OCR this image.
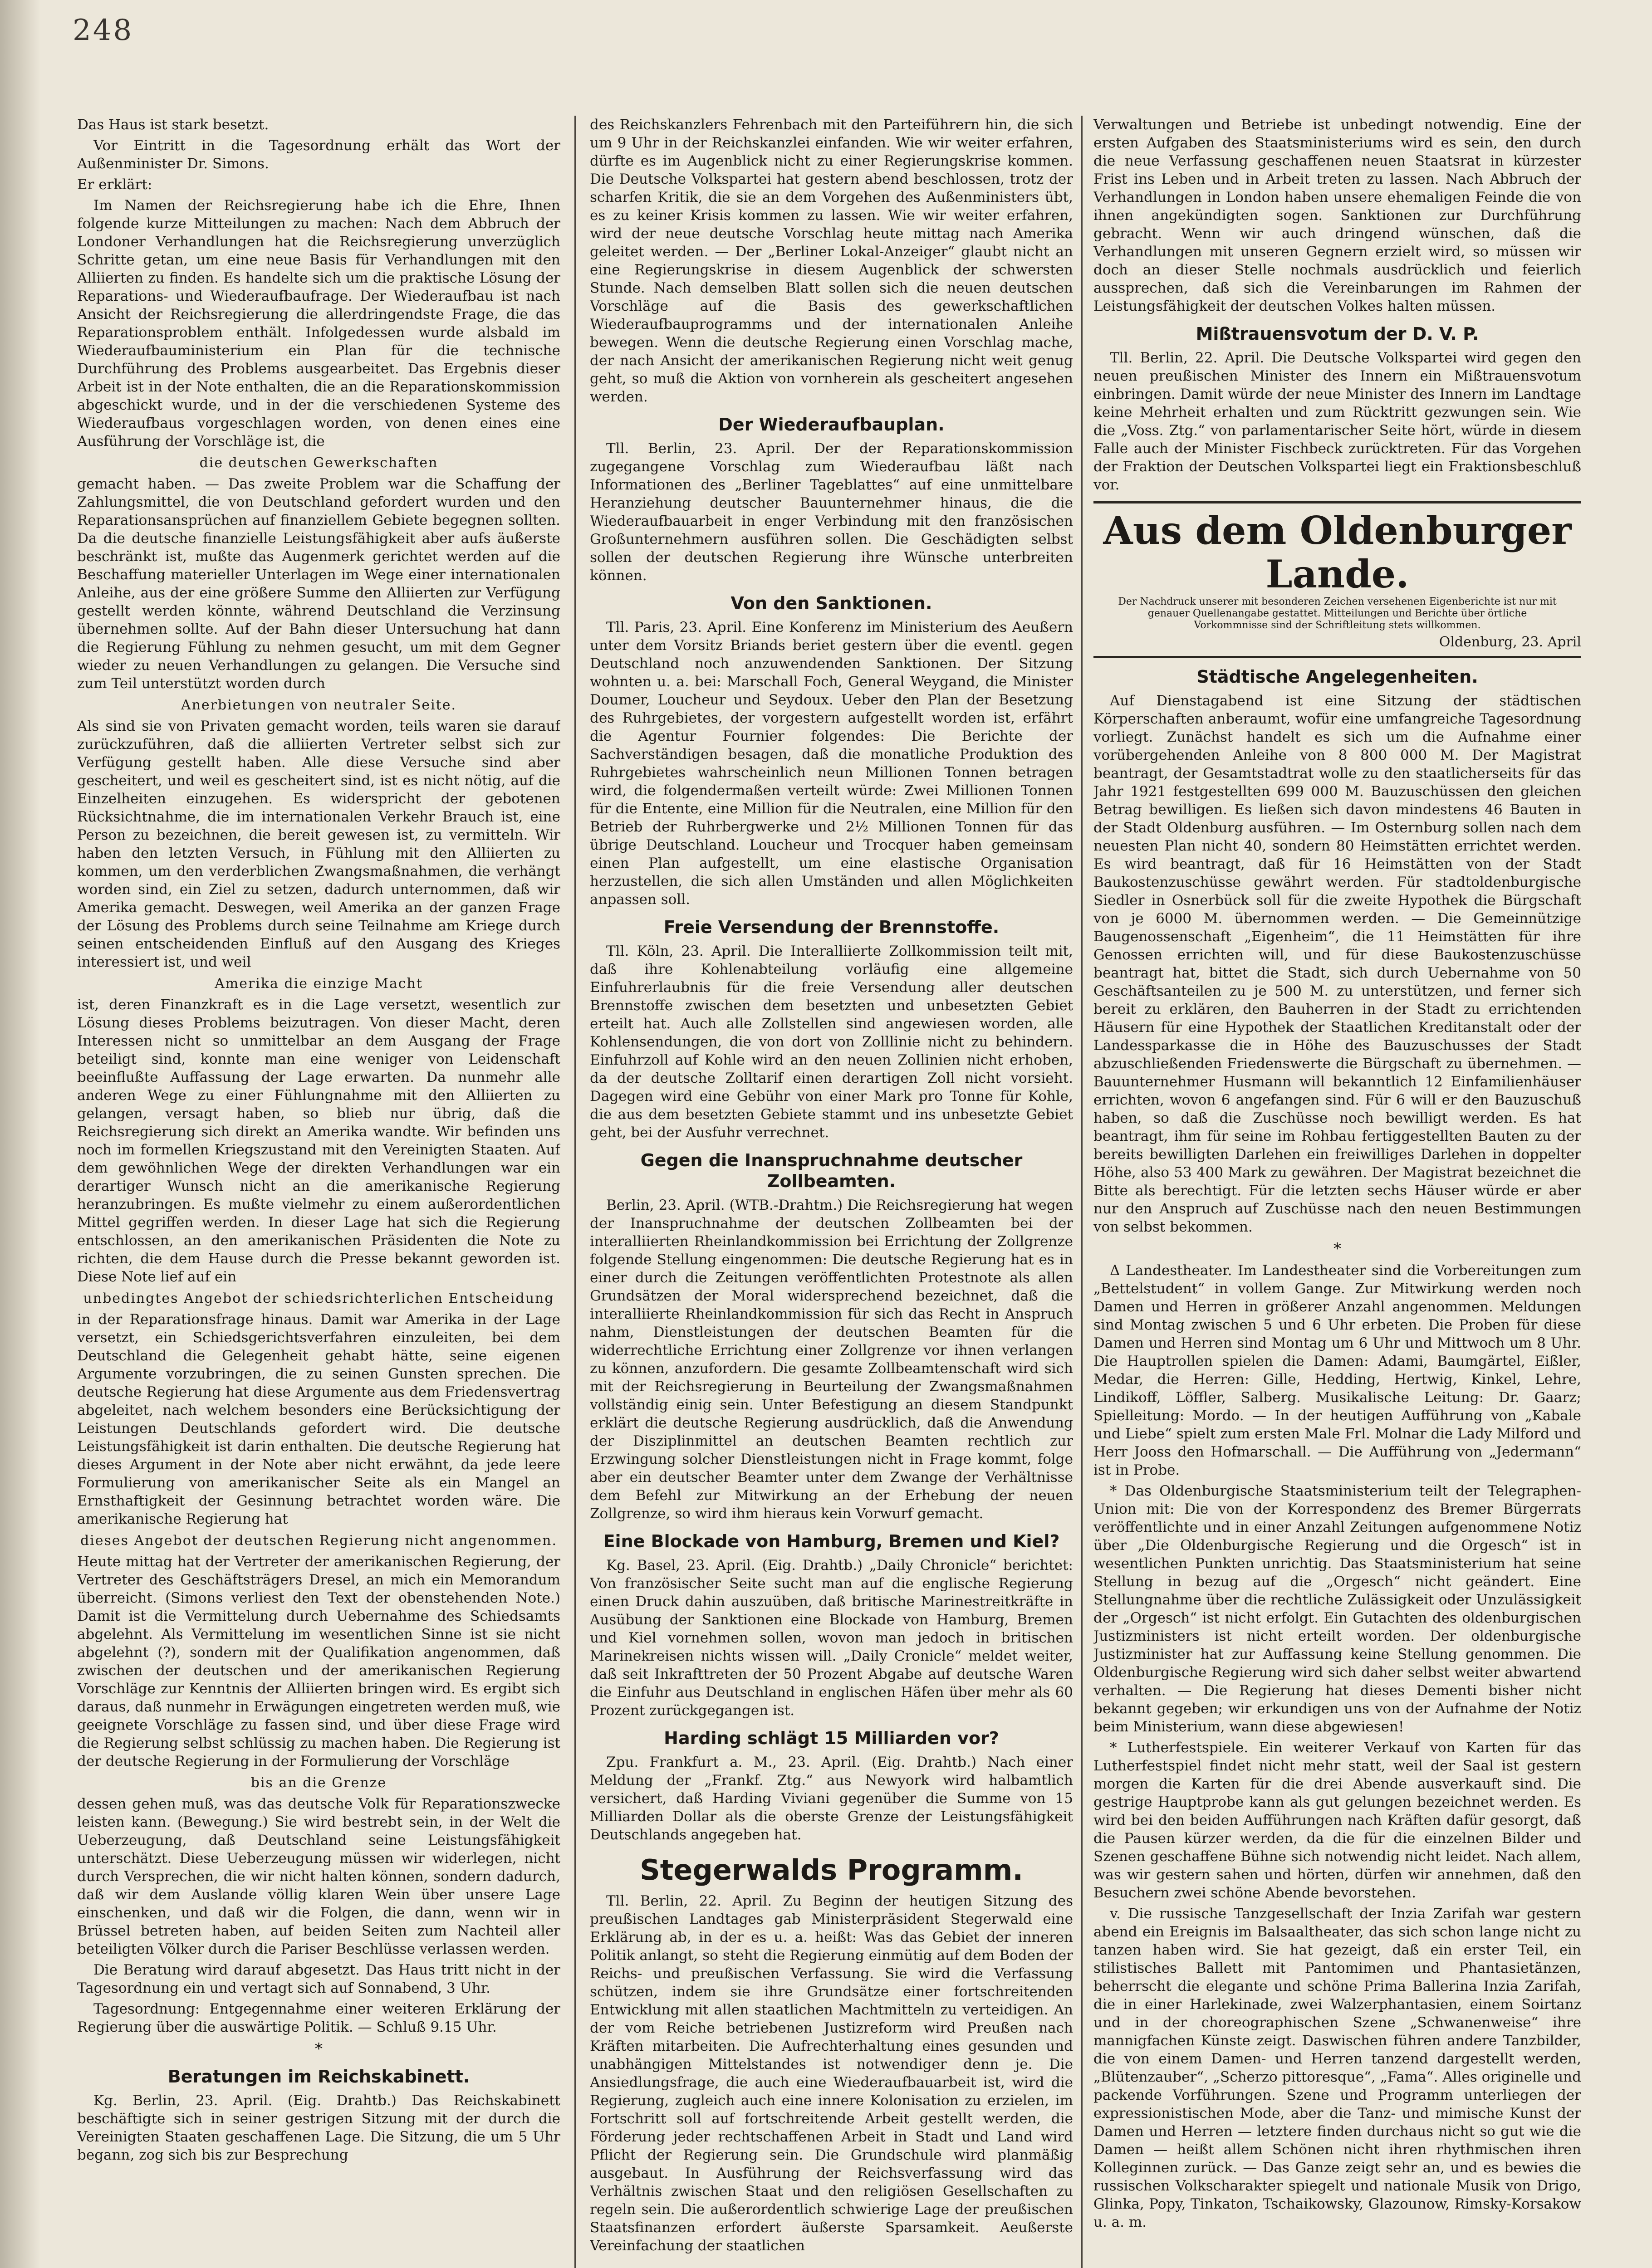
248

Das Haus ist stark besetzt.

Vor Eintritt in die Tagesordnung erhält das Wort der Außenminister Dr. Simons.

Er erklärt:

Im Namen der Reichsregierung habe ich die Ehre, Ihnen folgende kurze Mitteilungen zu machen: Nach dem Abbruch der Londoner Verhandlungen hat die Reichsregierung unverzüglich Schritte getan, um eine neue Basis für Verhandlungen mit den Alliierten zu finden. Es handelte sich um die praktische Lösung der Reparations- und Wiederaufbaufrage. Der Wiederaufbau ist nach Ansicht der Reichsregierung die allerdringendste Frage, die das Reparationsproblem enthält. Infolgedessen wurde alsbald im Wiederaufbauministerium ein Plan für die technische Durchführung des Problems ausgearbeitet. Das Ergebnis dieser Arbeit ist in der Note enthalten, die an die Reparationskommission abgeschickt wurde, und in der die verschiedenen Systeme des Wiederaufbaus vorgeschlagen worden, von denen eines eine Ausführung der Vorschläge ist, die

die deutschen Gewerkschaften

gemacht haben. — Das zweite Problem war die Schaffung der Zahlungsmittel, die von Deutschland gefordert wurden und den Reparationsansprüchen auf finanziellem Gebiete begegnen sollten. Da die deutsche finanzielle Leistungsfähigkeit aber aufs äußerste beschränkt ist, mußte das Augenmerk gerichtet werden auf die Beschaffung materieller Unterlagen im Wege einer internationalen Anleihe, aus der eine größere Summe den Alliierten zur Verfügung gestellt werden könnte, während Deutschland die Verzinsung übernehmen sollte. Auf der Bahn dieser Untersuchung hat dann die Regierung Fühlung zu nehmen gesucht, um mit dem Gegner wieder zu neuen Verhandlungen zu gelangen. Die Versuche sind zum Teil unterstützt worden durch

Anerbietungen von neutraler Seite.

Als sind sie von Privaten gemacht worden, teils waren sie darauf zurückzuführen, daß die alliierten Vertreter selbst sich zur Verfügung gestellt haben. Alle diese Versuche sind aber gescheitert, und weil es gescheitert sind, ist es nicht nötig, auf die Einzelheiten einzugehen. Es widerspricht der gebotenen Rücksichtnahme, die im internationalen Verkehr Brauch ist, eine Person zu bezeichnen, die bereit gewesen ist, zu vermitteln. Wir haben den letzten Versuch, in Fühlung mit den Alliierten zu kommen, um den verderblichen Zwangsmaßnahmen, die verhängt worden sind, ein Ziel zu setzen, dadurch unternommen, daß wir Amerika gemacht. Deswegen, weil Amerika an der ganzen Frage der Lösung des Problems durch seine Teilnahme am Kriege durch seinen entscheidenden Einfluß auf den Ausgang des Krieges interessiert ist, und weil

Amerika die einzige Macht

ist, deren Finanzkraft es in die Lage versetzt, wesentlich zur Lösung dieses Problems beizutragen. Von dieser Macht, deren Interessen nicht so unmittelbar an dem Ausgang der Frage beteiligt sind, konnte man eine weniger von Leidenschaft beeinflußte Auffassung der Lage erwarten. Da nunmehr alle anderen Wege zu einer Fühlungnahme mit den Alliierten zu gelangen, versagt haben, so blieb nur übrig, daß die Reichsregierung sich direkt an Amerika wandte. Wir befinden uns noch im formellen Kriegszustand mit den Vereinigten Staaten. Auf dem gewöhnlichen Wege der direkten Verhandlungen war ein derartiger Wunsch nicht an die amerikanische Regierung heranzubringen. Es mußte vielmehr zu einem außerordentlichen Mittel gegriffen werden. In dieser Lage hat sich die Regierung entschlossen, an den amerikanischen Präsidenten die Note zu richten, die dem Hause durch die Presse bekannt geworden ist. Diese Note lief auf ein

unbedingtes Angebot der schiedsrichterlichen Entscheidung

in der Reparationsfrage hinaus. Damit war Amerika in der Lage versetzt, ein Schiedsgerichtsverfahren einzuleiten, bei dem Deutschland die Gelegenheit gehabt hätte, seine eigenen Argumente vorzubringen, die zu seinen Gunsten sprechen. Die deutsche Regierung hat diese Argumente aus dem Friedensvertrag abgeleitet, nach welchem besonders eine Berücksichtigung der Leistungen Deutschlands gefordert wird. Die deutsche Leistungsfähigkeit ist darin enthalten. Die deutsche Regierung hat dieses Argument in der Note aber nicht erwähnt, da jede leere Formulierung von amerikanischer Seite als ein Mangel an Ernsthaftigkeit der Gesinnung betrachtet worden wäre. Die amerikanische Regierung hat

dieses Angebot der deutschen Regierung nicht angenommen.

Heute mittag hat der Vertreter der amerikanischen Regierung, der Vertreter des Geschäftsträgers Dresel, an mich ein Memorandum überreicht. (Simons verliest den Text der obenstehenden Note.) Damit ist die Vermittelung durch Uebernahme des Schiedsamts abgelehnt. Als Vermittelung im wesentlichen Sinne ist sie nicht abgelehnt (?), sondern mit der Qualifikation angenommen, daß zwischen der deutschen und der amerikanischen Regierung Vorschläge zur Kenntnis der Alliierten bringen wird. Es ergibt sich daraus, daß nunmehr in Erwägungen eingetreten werden muß, wie geeignete Vorschläge zu fassen sind, und über diese Frage wird die Regierung selbst schlüssig zu machen haben. Die Regierung ist der deutsche Regierung in der Formulierung der Vorschläge

bis an die Grenze

dessen gehen muß, was das deutsche Volk für Reparationszwecke leisten kann. (Bewegung.) Sie wird bestrebt sein, in der Welt die Ueberzeugung, daß Deutschland seine Leistungsfähigkeit unterschätzt. Diese Ueberzeugung müssen wir widerlegen, nicht durch Versprechen, die wir nicht halten können, sondern dadurch, daß wir dem Auslande völlig klaren Wein über unsere Lage einschenken, und daß wir die Folgen, die dann, wenn wir in Brüssel betreten haben, auf beiden Seiten zum Nachteil aller beteiligten Völker durch die Pariser Beschlüsse verlassen werden.

Die Beratung wird darauf abgesetzt. Das Haus tritt nicht in der Tagesordnung ein und vertagt sich auf Sonnabend, 3 Uhr.

Tagesordnung: Entgegennahme einer weiteren Erklärung der Regierung über die auswärtige Politik. — Schluß 9.15 Uhr.

*
Beratungen im Reichskabinett.

Kg. Berlin, 23. April. (Eig. Drahtb.) Das Reichskabinett beschäftigte sich in seiner gestrigen Sitzung mit der durch die Vereinigten Staaten geschaffenen Lage. Die Sitzung, die um 5 Uhr begann, zog sich bis zur Besprechung

des Reichskanzlers Fehrenbach mit den Parteiführern hin, die sich um 9 Uhr in der Reichskanzlei einfanden. Wie wir weiter erfahren, dürfte es im Augenblick nicht zu einer Regierungskrise kommen. Die Deutsche Volkspartei hat gestern abend beschlossen, trotz der scharfen Kritik, die sie an dem Vorgehen des Außenministers übt, es zu keiner Krisis kommen zu lassen. Wie wir weiter erfahren, wird der neue deutsche Vorschlag heute mittag nach Amerika geleitet werden. — Der „Berliner Lokal-Anzeiger“ glaubt nicht an eine Regierungskrise in diesem Augenblick der schwersten Stunde. Nach demselben Blatt sollen sich die neuen deutschen Vorschläge auf die Basis des gewerkschaftlichen Wiederaufbauprogramms und der internationalen Anleihe bewegen. Wenn die deutsche Regierung einen Vorschlag mache, der nach Ansicht der amerikanischen Regierung nicht weit genug geht, so muß die Aktion von vornherein als gescheitert angesehen werden.

Der Wiederaufbauplan.

Tll. Berlin, 23. April. Der der Reparationskommission zugegangene Vorschlag zum Wiederaufbau läßt nach Informationen des „Berliner Tageblattes“ auf eine unmittelbare Heranziehung deutscher Bauunternehmer hinaus, die die Wiederaufbauarbeit in enger Verbindung mit den französischen Großunternehmern ausführen sollen. Die Geschädigten selbst sollen der deutschen Regierung ihre Wünsche unterbreiten können.

Von den Sanktionen.

Tll. Paris, 23. April. Eine Konferenz im Ministerium des Aeußern unter dem Vorsitz Briands beriet gestern über die eventl. gegen Deutschland noch anzuwendenden Sanktionen. Der Sitzung wohnten u. a. bei: Marschall Foch, General Weygand, die Minister Doumer, Loucheur und Seydoux. Ueber den Plan der Besetzung des Ruhrgebietes, der vorgestern aufgestellt worden ist, erfährt die Agentur Fournier folgendes: Die Berichte der Sachverständigen besagen, daß die monatliche Produktion des Ruhrgebietes wahrscheinlich neun Millionen Tonnen betragen wird, die folgendermaßen verteilt würde: Zwei Millionen Tonnen für die Entente, eine Million für die Neutralen, eine Million für den Betrieb der Ruhrbergwerke und 2½ Millionen Tonnen für das übrige Deutschland. Loucheur und Trocquer haben gemeinsam einen Plan aufgestellt, um eine elastische Organisation herzustellen, die sich allen Umständen und allen Möglichkeiten anpassen soll.

Freie Versendung der Brennstoffe.

Tll. Köln, 23. April. Die Interalliierte Zollkommission teilt mit, daß ihre Kohlenabteilung vorläufig eine allgemeine Einfuhrerlaubnis für die freie Versendung aller deutschen Brennstoffe zwischen dem besetzten und unbesetzten Gebiet erteilt hat. Auch alle Zollstellen sind angewiesen worden, alle Kohlensendungen, die von dort von Zolllinie nicht zu behindern. Einfuhrzoll auf Kohle wird an den neuen Zollinien nicht erhoben, da der deutsche Zolltarif einen derartigen Zoll nicht vorsieht. Dagegen wird eine Gebühr von einer Mark pro Tonne für Kohle, die aus dem besetzten Gebiete stammt und ins unbesetzte Gebiet geht, bei der Ausfuhr verrechnet.

Gegen die Inanspruchnahme deutscher Zollbeamten.

Berlin, 23. April. (WTB.-Drahtm.) Die Reichsregierung hat wegen der Inanspruchnahme der deutschen Zollbeamten bei der interalliierten Rheinlandkommission bei Errichtung der Zollgrenze folgende Stellung eingenommen: Die deutsche Regierung hat es in einer durch die Zeitungen veröffentlichten Protestnote als allen Grundsätzen der Moral widersprechend bezeichnet, daß die interalliierte Rheinlandkommission für sich das Recht in Anspruch nahm, Dienstleistungen der deutschen Beamten für die widerrechtliche Errichtung einer Zollgrenze vor ihnen verlangen zu können, anzufordern. Die gesamte Zollbeamtenschaft wird sich mit der Reichsregierung in Beurteilung der Zwangsmaßnahmen vollständig einig sein. Unter Befestigung an diesem Standpunkt erklärt die deutsche Regierung ausdrücklich, daß die Anwendung der Disziplinmittel an deutschen Beamten rechtlich zur Erzwingung solcher Dienstleistungen nicht in Frage kommt, folge aber ein deutscher Beamter unter dem Zwange der Verhältnisse dem Befehl zur Mitwirkung an der Erhebung der neuen Zollgrenze, so wird ihm hieraus kein Vorwurf gemacht.

Eine Blockade von Hamburg, Bremen und Kiel?

Kg. Basel, 23. April. (Eig. Drahtb.) „Daily Chronicle“ berichtet: Von französischer Seite sucht man auf die englische Regierung einen Druck dahin auszuüben, daß britische Marinestreitkräfte in Ausübung der Sanktionen eine Blockade von Hamburg, Bremen und Kiel vornehmen sollen, wovon man jedoch in britischen Marinekreisen nichts wissen will. „Daily Cronicle“ meldet weiter, daß seit Inkrafttreten der 50 Prozent Abgabe auf deutsche Waren die Einfuhr aus Deutschland in englischen Häfen über mehr als 60 Prozent zurückgegangen ist.

Harding schlägt 15 Milliarden vor?

Zpu. Frankfurt a. M., 23. April. (Eig. Drahtb.) Nach einer Meldung der „Frankf. Ztg.“ aus Newyork wird halbamtlich versichert, daß Harding Viviani gegenüber die Summe von 15 Milliarden Dollar als die oberste Grenze der Leistungsfähigkeit Deutschlands angegeben hat.

Stegerwalds Programm.

Tll. Berlin, 22. April. Zu Beginn der heutigen Sitzung des preußischen Landtages gab Ministerpräsident Stegerwald eine Erklärung ab, in der es u. a. heißt: Was das Gebiet der inneren Politik anlangt, so steht die Regierung einmütig auf dem Boden der Reichs- und preußischen Verfassung. Sie wird die Verfassung schützen, indem sie ihre Grundsätze einer fortschreitenden Entwicklung mit allen staatlichen Machtmitteln zu verteidigen. An der vom Reiche betriebenen Justizreform wird Preußen nach Kräften mitarbeiten. Die Aufrechterhaltung eines gesunden und unabhängigen Mittelstandes ist notwendiger denn je. Die Ansiedlungsfrage, die auch eine Wiederaufbauarbeit ist, wird die Regierung, zugleich auch eine innere Kolonisation zu erzielen, im Fortschritt soll auf fortschreitende Arbeit gestellt werden, die Förderung jeder rechtschaffenen Arbeit in Stadt und Land wird Pflicht der Regierung sein. Die Grundschule wird planmäßig ausgebaut. In Ausführung der Reichsverfassung wird das Verhältnis zwischen Staat und den religiösen Gesellschaften zu regeln sein. Die außerordentlich schwierige Lage der preußischen Staatsfinanzen erfordert äußerste Sparsamkeit. Aeußerste Vereinfachung der staatlichen

Verwaltungen und Betriebe ist unbedingt notwendig. Eine der ersten Aufgaben des Staatsministeriums wird es sein, den durch die neue Verfassung geschaffenen neuen Staatsrat in kürzester Frist ins Leben und in Arbeit treten zu lassen. Nach Abbruch der Verhandlungen in London haben unsere ehemaligen Feinde die von ihnen angekündigten sogen. Sanktionen zur Durchführung gebracht. Wenn wir auch dringend wünschen, daß die Verhandlungen mit unseren Gegnern erzielt wird, so müssen wir doch an dieser Stelle nochmals ausdrücklich und feierlich aussprechen, daß sich die Vereinbarungen im Rahmen der Leistungsfähigkeit der deutschen Volkes halten müssen.

Mißtrauensvotum der D. V. P.

Tll. Berlin, 22. April. Die Deutsche Volkspartei wird gegen den neuen preußischen Minister des Innern ein Mißtrauensvotum einbringen. Damit würde der neue Minister des Innern im Landtage keine Mehrheit erhalten und zum Rücktritt gezwungen sein. Wie die „Voss. Ztg.“ von parlamentarischer Seite hört, würde in diesem Falle auch der Minister Fischbeck zurücktreten. Für das Vorgehen der Fraktion der Deutschen Volkspartei liegt ein Fraktionsbeschluß vor.

Aus dem Oldenburger Lande.
Der Nachdruck unserer mit besonderen Zeichen versehenen Eigenberichte ist nur mit genauer Quellenangabe gestattet. Mitteilungen und Berichte über örtliche Vorkommnisse sind der Schriftleitung stets willkommen.
Oldenburg, 23. April
Städtische Angelegenheiten.

Auf Dienstagabend ist eine Sitzung der städtischen Körperschaften anberaumt, wofür eine umfangreiche Tagesordnung vorliegt. Zunächst handelt es sich um die Aufnahme einer vorübergehenden Anleihe von 8 800 000 M. Der Magistrat beantragt, der Gesamtstadtrat wolle zu den staatlicherseits für das Jahr 1921 festgestellten 699 000 M. Bauzuschüssen den gleichen Betrag bewilligen. Es ließen sich davon mindestens 46 Bauten in der Stadt Oldenburg ausführen. — Im Osternburg sollen nach dem neuesten Plan nicht 40, sondern 80 Heimstätten errichtet werden. Es wird beantragt, daß für 16 Heimstätten von der Stadt Baukostenzuschüsse gewährt werden. Für stadtoldenburgische Siedler in Osnerbück soll für die zweite Hypothek die Bürgschaft von je 6000 M. übernommen werden. — Die Gemeinnützige Baugenossenschaft „Eigenheim“, die 11 Heimstätten für ihre Genossen errichten will, und für diese Baukostenzuschüsse beantragt hat, bittet die Stadt, sich durch Uebernahme von 50 Geschäftsanteilen zu je 500 M. zu unterstützen, und ferner sich bereit zu erklären, den Bauherren in der Stadt zu errichtenden Häusern für eine Hypothek der Staatlichen Kreditanstalt oder der Landessparkasse die in Höhe des Bauzuschusses der Stadt abzuschließenden Friedenswerte die Bürgschaft zu übernehmen. — Bauunternehmer Husmann will bekanntlich 12 Einfamilienhäuser errichten, wovon 6 angefangen sind. Für 6 will er den Bauzuschuß haben, so daß die Zuschüsse noch bewilligt werden. Es hat beantragt, ihm für seine im Rohbau fertiggestellten Bauten zu der bereits bewilligten Darlehen ein freiwilliges Darlehen in doppelter Höhe, also 53 400 Mark zu gewähren. Der Magistrat bezeichnet die Bitte als berechtigt. Für die letzten sechs Häuser würde er aber nur den Anspruch auf Zuschüsse nach den neuen Bestimmungen von selbst bekommen.

*

Δ Landestheater. Im Landestheater sind die Vorbereitungen zum „Bettelstudent“ in vollem Gange. Zur Mitwirkung werden noch Damen und Herren in größerer Anzahl angenommen. Meldungen sind Montag zwischen 5 und 6 Uhr erbeten. Die Proben für diese Damen und Herren sind Montag um 6 Uhr und Mittwoch um 8 Uhr. Die Hauptrollen spielen die Damen: Adami, Baumgärtel, Eißler, Medar, die Herren: Gille, Hedding, Hertwig, Kinkel, Lehre, Lindikoff, Löffler, Salberg. Musikalische Leitung: Dr. Gaarz; Spielleitung: Mordo. — In der heutigen Aufführung von „Kabale und Liebe“ spielt zum ersten Male Frl. Molnar die Lady Milford und Herr Jooss den Hofmarschall. — Die Aufführung von „Jedermann“ ist in Probe.

* Das Oldenburgische Staatsministerium teilt der Telegraphen-Union mit: Die von der Korrespondenz des Bremer Bürgerrats veröffentlichte und in einer Anzahl Zeitungen aufgenommene Notiz über „Die Oldenburgische Regierung und die Orgesch“ ist in wesentlichen Punkten unrichtig. Das Staatsministerium hat seine Stellung in bezug auf die „Orgesch“ nicht geändert. Eine Stellungnahme über die rechtliche Zulässigkeit oder Unzulässigkeit der „Orgesch“ ist nicht erfolgt. Ein Gutachten des oldenburgischen Justizministers ist nicht erteilt worden. Der oldenburgische Justizminister hat zur Auffassung keine Stellung genommen. Die Oldenburgische Regierung wird sich daher selbst weiter abwartend verhalten. — Die Regierung hat dieses Dementi bisher nicht bekannt gegeben; wir erkundigen uns von der Aufnahme der Notiz beim Ministerium, wann diese abgewiesen!

* Lutherfestspiele. Ein weiterer Verkauf von Karten für das Lutherfestspiel findet nicht mehr statt, weil der Saal ist gestern morgen die Karten für die drei Abende ausverkauft sind. Die gestrige Hauptprobe kann als gut gelungen bezeichnet werden. Es wird bei den beiden Aufführungen nach Kräften dafür gesorgt, daß die Pausen kürzer werden, da die für die einzelnen Bilder und Szenen geschaffene Bühne sich notwendig nicht leidet. Nach allem, was wir gestern sahen und hörten, dürfen wir annehmen, daß den Besuchern zwei schöne Abende bevorstehen.

v. Die russische Tanzgesellschaft der Inzia Zarifah war gestern abend ein Ereignis im Balsaaltheater, das sich schon lange nicht zu tanzen haben wird. Sie hat gezeigt, daß ein erster Teil, ein stilistisches Ballett mit Pantomimen und Phantasietänzen, beherrscht die elegante und schöne Prima Ballerina Inzia Zarifah, die in einer Harlekinade, zwei Walzerphantasien, einem Soirtanz und in der choreographischen Szene „Schwanenweise“ ihre mannigfachen Künste zeigt. Daswischen führen andere Tanzbilder, die von einem Damen- und Herren tanzend dargestellt werden, „Blütenzauber“, „Scherzo pittoresque“, „Fama“. Alles originelle und packende Vorführungen. Szene und Programm unterliegen der expressionistischen Mode, aber die Tanz- und mimische Kunst der Damen und Herren — letztere finden durchaus nicht so gut wie die Damen — heißt allem Schönen nicht ihren rhythmischen ihren Kolleginnen zurück. — Das Ganze zeigt sehr an, und es bewies die russischen Volkscharakter spiegelt und nationale Musik von Drigo, Glinka, Popy, Tinkaton, Tschaikowsky, Glazounow, Rimsky-Korsakow u. a. m.
